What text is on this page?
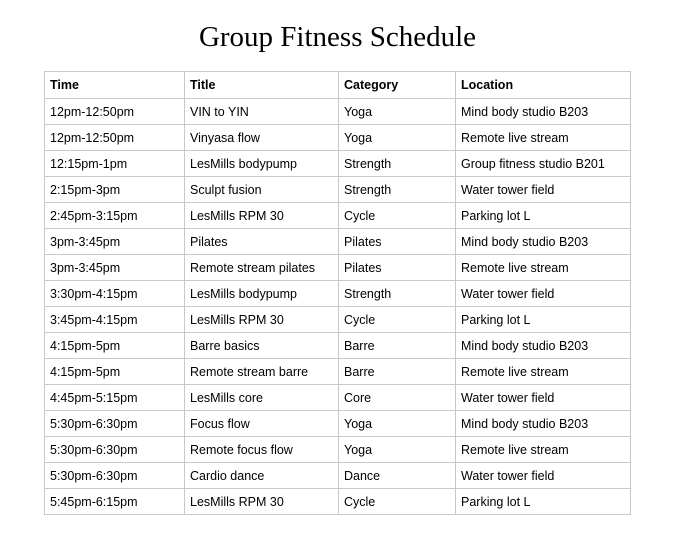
Group Fitness Schedule
Time	Title	Category	Location
12pm-12:50pm	VIN to YIN	Yoga	Mind body studio B203
12pm-12:50pm	Vinyasa flow	Yoga	Remote live stream
12:15pm-1pm	LesMills bodypump	Strength	Group fitness studio B201
2:15pm-3pm	Sculpt fusion	Strength	Water tower field
2:45pm-3:15pm	LesMills RPM 30	Cycle	Parking lot L
3pm-3:45pm	Pilates	Pilates	Mind body studio B203
3pm-3:45pm	Remote stream pilates	Pilates	Remote live stream
3:30pm-4:15pm	LesMills bodypump	Strength	Water tower field
3:45pm-4:15pm	LesMills RPM 30	Cycle	Parking lot L
4:15pm-5pm	Barre basics	Barre	Mind body studio B203
4:15pm-5pm	Remote stream barre	Barre	Remote live stream
4:45pm-5:15pm	LesMills core	Core	Water tower field
5:30pm-6:30pm	Focus flow	Yoga	Mind body studio B203
5:30pm-6:30pm	Remote focus flow	Yoga	Remote live stream
5:30pm-6:30pm	Cardio dance	Dance	Water tower field
5:45pm-6:15pm	LesMills RPM 30	Cycle	Parking lot L
